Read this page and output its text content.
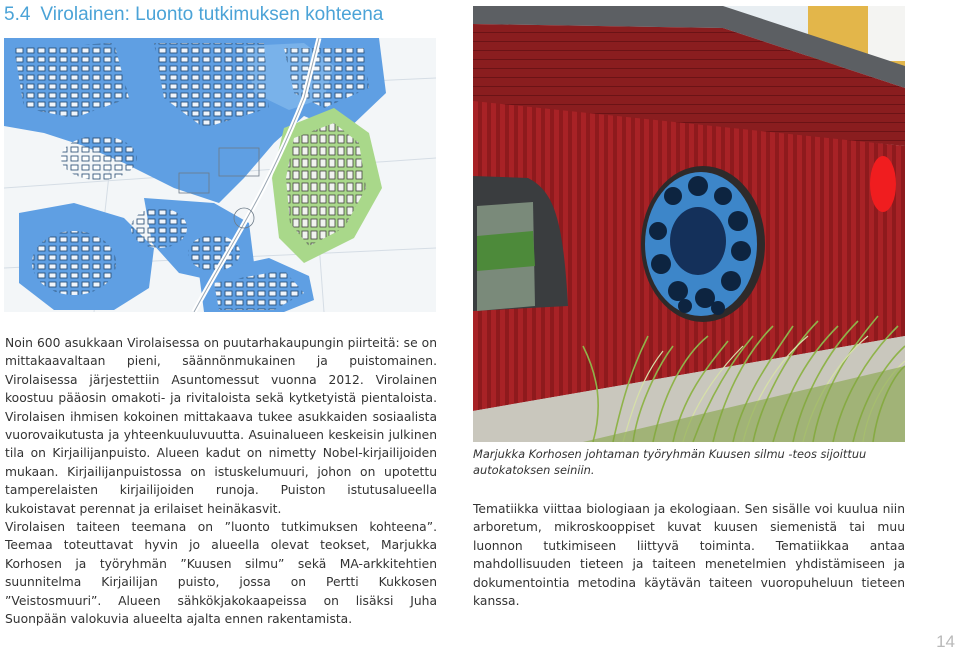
5.4 Virolainen: Luonto tutkimuksen kohteena

Noin 600 asukkaan Virolaisessa on puutarhakaupungin piirteitä: se on mittakaavaltaan pieni, säännönmukainen ja puistomainen. Virolaisessa järjestettiin Asuntomessut vuonna 2012. Virolainen koostuu pääosin omakoti- ja rivitaloista sekä kytketyistä pientaloista. Virolaisen ihmisen kokoinen mittakaava tukee asukkaiden sosiaalista vuorovaikutusta ja yhteenkuuluvuutta. Asuinalueen keskeisin julkinen tila on Kirjailijanpuisto. Alueen kadut on nimetty Nobel-kirjailijoiden mukaan. Kirjailijanpuistossa on istuskelumuuri, johon on upotettu tamperelaisten kirjailijoiden runoja. Puiston istutusalueella kukoistavat perennat ja erilaiset heinäkasvit.

Virolaisen taiteen teemana on ”luonto tutkimuksen kohteena”. Teemaa toteuttavat hyvin jo alueella olevat teokset, Marjukka Korhosen ja työryhmän ”Kuusen silmu” sekä MA-arkkitehtien suunnitelma Kirjailijan puisto, jossa on Pertti Kukkosen ”Veistosmuuri”. Alueen sähkökjakokaapeissa on lisäksi Juha Suonpään valokuvia alueelta ajalta ennen rakentamista.

Marjukka Korhosen johtaman työryhmän Kuusen silmu -teos sijoittuu autokatoksen seiniin.

Tematiikka viittaa biologiaan ja ekologiaan. Sen sisälle voi kuulua niin arboretum, mikroskooppiset kuvat kuusen siemenistä tai muu luonnon tutkimiseen liittyvä toiminta. Tematiikkaa antaa mahdollisuuden tieteen ja taiteen menetelmien yhdistämiseen ja dokumentointia metodina käytävän taiteen vuoropuheluun tieteen kanssa.

14
